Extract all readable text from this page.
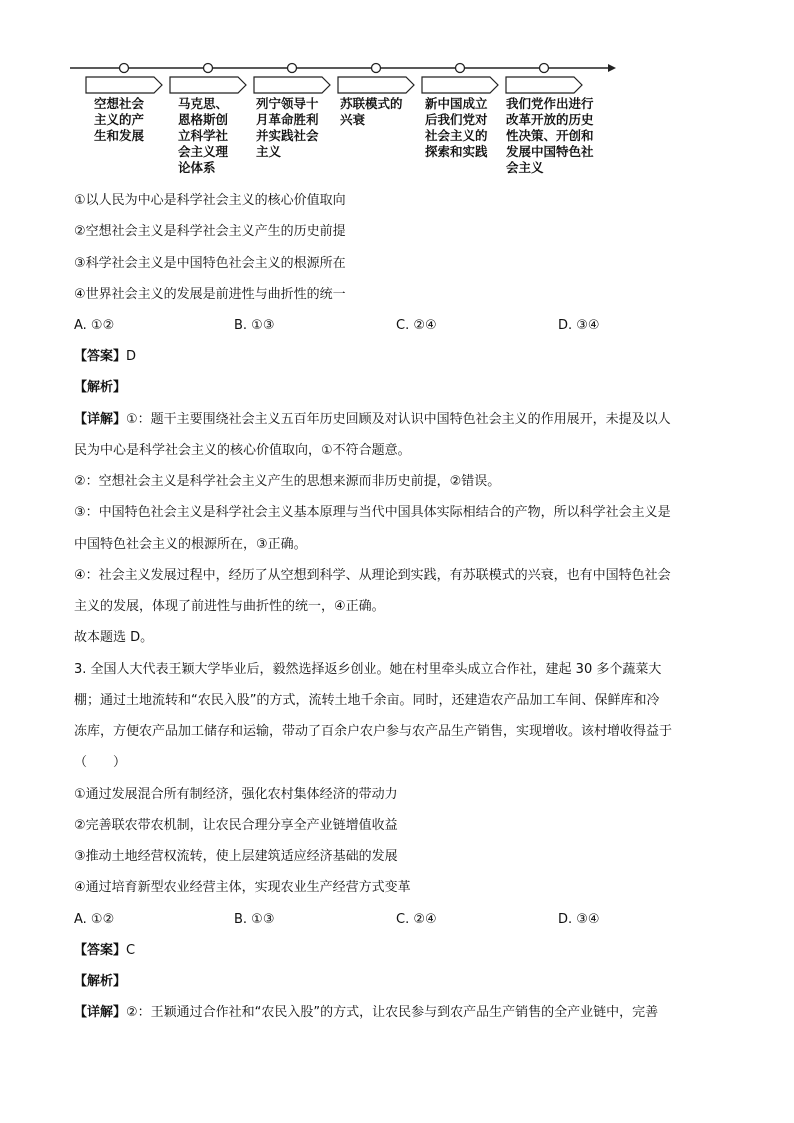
空想社会
主义的产
生和发展
马克思、
恩格斯创
立科学社
会主义理
论体系
列宁领导十
月革命胜利
并实践社会
主义
苏联模式的
兴衰
新中国成立
后我们党对
社会主义的
探索和实践
我们党作出进行
改革开放的历史
性决策、开创和
发展中国特色社
会主义
①以人民为中心是科学社会主义的核心价值取向
②空想社会主义是科学社会主义产生的历史前提
③科学社会主义是中国特色社会主义的根源所在
④世界社会主义的发展是前进性与曲折性的统一
A. ①②	B. ①③	C. ②④	D. ③④
【答案】D
【解析】
【详解】①：题干主要围绕社会主义五百年历史回顾及对认识中国特色社会主义的作用展开，未提及以人
民为中心是科学社会主义的核心价值取向，①不符合题意。
②：空想社会主义是科学社会主义产生的思想来源而非历史前提，②错误。
③：中国特色社会主义是科学社会主义基本原理与当代中国具体实际相结合的产物，所以科学社会主义是
中国特色社会主义的根源所在，③正确。
④：社会主义发展过程中，经历了从空想到科学、从理论到实践，有苏联模式的兴衰，也有中国特色社会
主义的发展，体现了前进性与曲折性的统一，④正确。
故本题选 D。
3. 全国人大代表王颖大学毕业后，毅然选择返乡创业。她在村里牵头成立合作社，建起 30 多个蔬菜大
棚；通过土地流转和“农民入股”的方式，流转土地千余亩。同时，还建造农产品加工车间、保鲜库和冷
冻库，方便农产品加工储存和运输，带动了百余户农户参与农产品生产销售，实现增收。该村增收得益于
（　　）
①通过发展混合所有制经济，强化农村集体经济的带动力
②完善联农带农机制，让农民合理分享全产业链增值收益
③推动土地经营权流转，使上层建筑适应经济基础的发展
④通过培育新型农业经营主体，实现农业生产经营方式变革
A. ①②	B. ①③	C. ②④	D. ③④
【答案】C
【解析】
【详解】②：王颖通过合作社和“农民入股”的方式，让农民参与到农产品生产销售的全产业链中，完善
